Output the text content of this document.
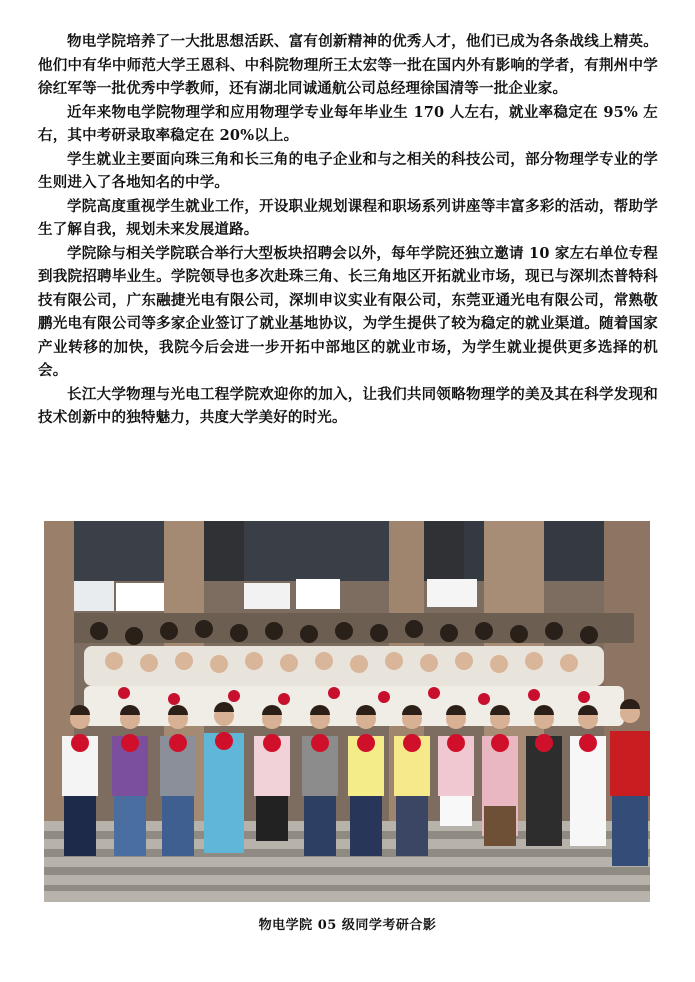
物电学院培养了一大批思想活跃、富有创新精神的优秀人才，他们已成为各条战线上精英。他们中有华中师范大学王恩科、中科院物理所王太宏等一批在国内外有影响的学者，有荆州中学徐红军等一批优秀中学教师，还有湖北同诚通航公司总经理徐国清等一批企业家。

近年来物电学院物理学和应用物理学专业每年毕业生 170 人左右，就业率稳定在 95% 左右，其中考研录取率稳定在 20%以上。

学生就业主要面向珠三角和长三角的电子企业和与之相关的科技公司，部分物理学专业的学生则进入了各地知名的中学。

学院高度重视学生就业工作，开设职业规划课程和职场系列讲座等丰富多彩的活动，帮助学生了解自我，规划未来发展道路。

学院除与相关学院联合举行大型板块招聘会以外，每年学院还独立邀请 10 家左右单位专程到我院招聘毕业生。学院领导也多次赴珠三角、长三角地区开拓就业市场，现已与深圳杰普特科技有限公司，广东融捷光电有限公司，深圳申议实业有限公司，东莞亚通光电有限公司，常熟敬鹏光电有限公司等多家企业签订了就业基地协议，为学生提供了较为稳定的就业渠道。随着国家产业转移的加快，我院今后会进一步开拓中部地区的就业市场，为学生就业提供更多选择的机会。

长江大学物理与光电工程学院欢迎你的加入，让我们共同领略物理学的美及其在科学发现和技术创新中的独特魅力，共度大学美好的时光。

物电学院 05 级同学考研合影
